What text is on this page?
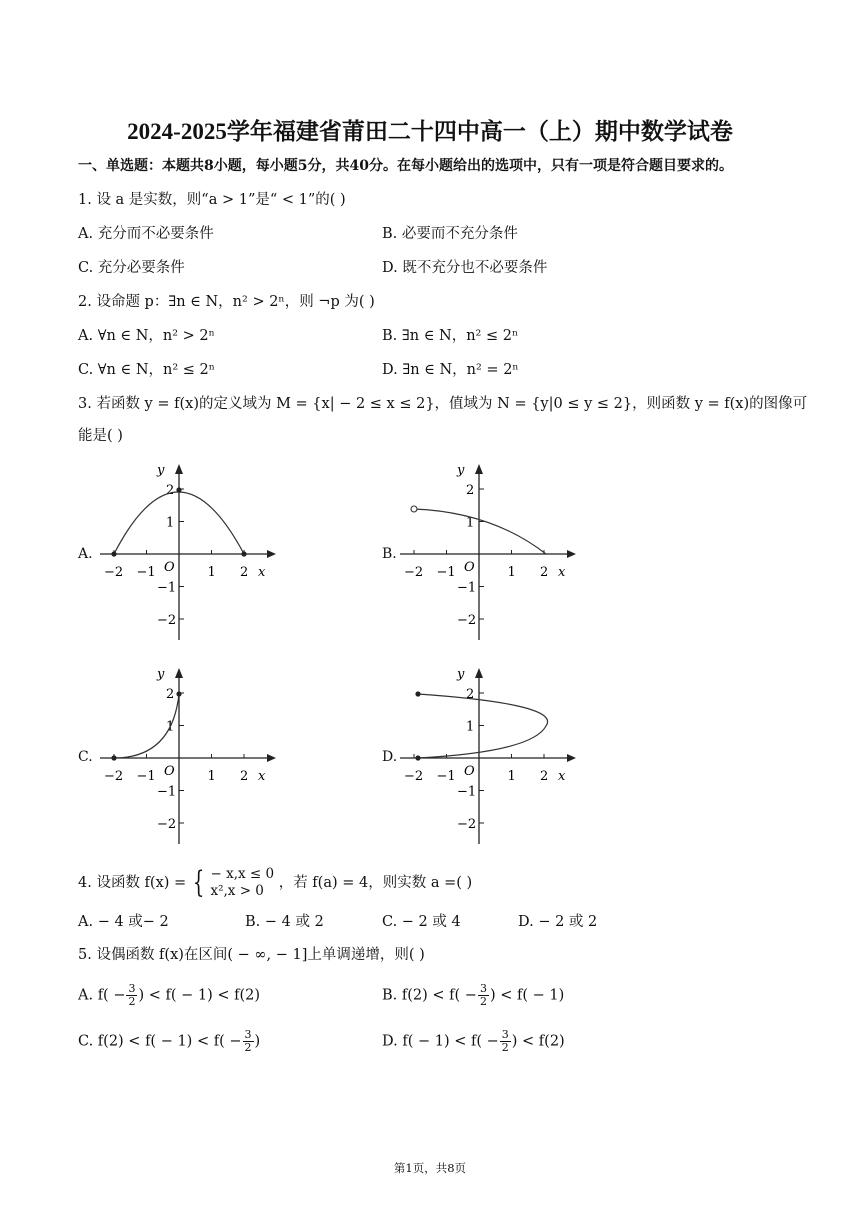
2024-2025学年福建省莆田二十四中高一（上）期中数学试卷
一、单选题：本题共8小题，每小题5分，共40分。在每小题给出的选项中，只有一项是符合题目要求的。
1. 设 a 是实数，则“a > 1”是“ < 1”的( )
A. 充分而不必要条件	B. 必要而不充分条件
C. 充分必要条件	D. 既不充分也不必要条件
2. 设命题 p：∃n ∈ N，n² > 2ⁿ，则 ¬p 为( )
A. ∀n ∈ N，n² > 2ⁿ	B. ∃n ∈ N，n² ≤ 2ⁿ
C. ∀n ∈ N，n² ≤ 2ⁿ	D. ∃n ∈ N，n² = 2ⁿ
3. 若函数 y = f(x)的定义域为 M = {x| − 2 ≤ x ≤ 2}，值域为 N = {y|0 ≤ y ≤ 2}，则函数 y = f(x)的图像可
能是( )
A.	B.
C.	D.
y
x
O
−2 −1	1 2
2
1
−1
−2
y
x
O
−2 −1	1 2
2
1
−1
−2
y
x
O
−2 −1	1 2
2
1
−1
−2
y
x
O
−2 −1	1 2
2
1
−1
−2
4. 设函数 f(x) = { − x,x ≤ 0
x²,x > 0	，若 f(a) = 4，则实数 a =( )
A. − 4 或− 2	B. − 4 或 2	C. − 2 或 4	D. − 2 或 2
5. 设偶函数 f(x)在区间( − ∞, − 1]上单调递增，则( )
A. $f( - \frac{3}{2}$ ) < f( − 1) < f(2)	B. $f(2) < f( - \frac{3}{2}$ ) < f( − 1)
C. $f(2) < f( - 1) < f( - \frac{3}{2}$ )	D. $f( - 1) < f( - \frac{3}{2}$ ) < f(2)
第1页，共8页
